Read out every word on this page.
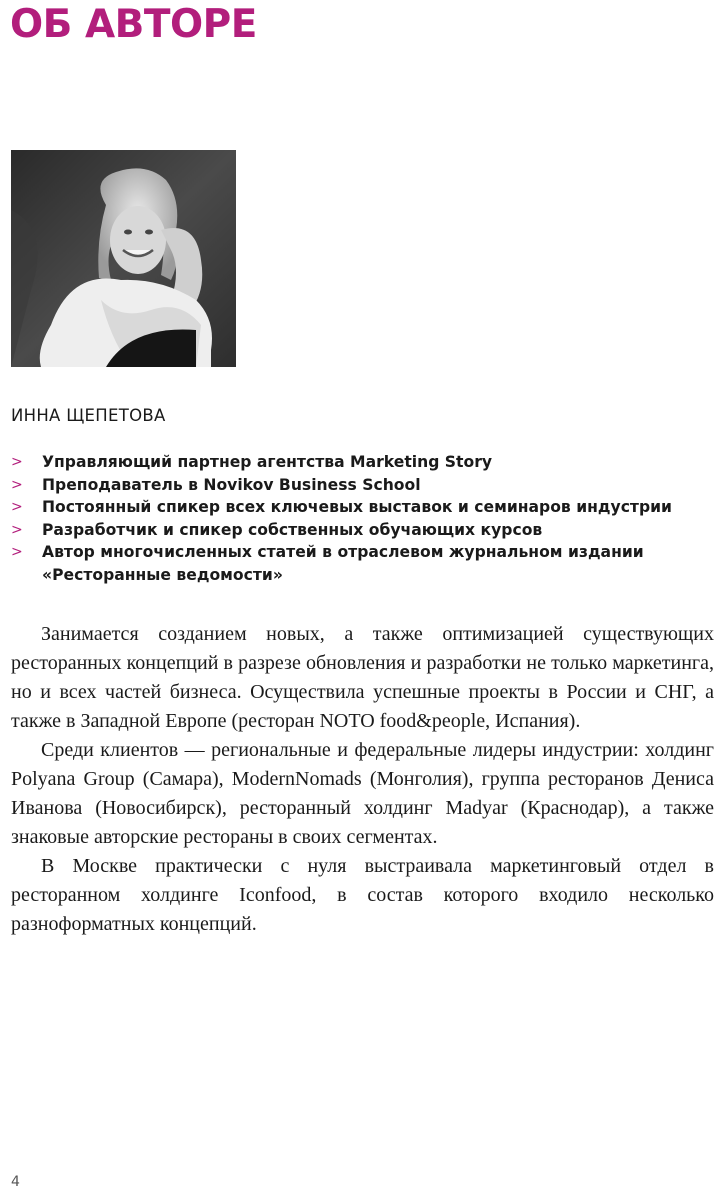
ОБ АВТОРЕ
ИННА ЩЕПЕТОВА
> Управляющий партнер агентства Marketing Story
> Преподаватель в Novikov Business School
> Постоянный спикер всех ключевых выставок и семинаров индустрии
> Разработчик и спикер собственных обучающих курсов
> Автор многочисленных статей в отраслевом журнальном издании «Ресторанные ведомости»

Занимается созданием новых, а также оптимизацией существующих ресторанных концепций в разрезе обновления и разработки не только маркетинга, но и всех частей бизнеса. Осуществила успешные проекты в России и СНГ, а также в Западной Европе (ресторан NOTO food&people, Испания).

Среди клиентов — региональные и федеральные лидеры индустрии: холдинг Polyana Group (Самара), ModernNomads (Монголия), группа ресторанов Дениса Иванова (Новосибирск), ресторанный холдинг Madyar (Краснодар), а также знаковые авторские рестораны в своих сегментах.

В Москве практически с нуля выстраивала маркетинговый отдел в ресторанном холдинге Iconfood, в состав которого входило несколько разноформатных концепций.

4
